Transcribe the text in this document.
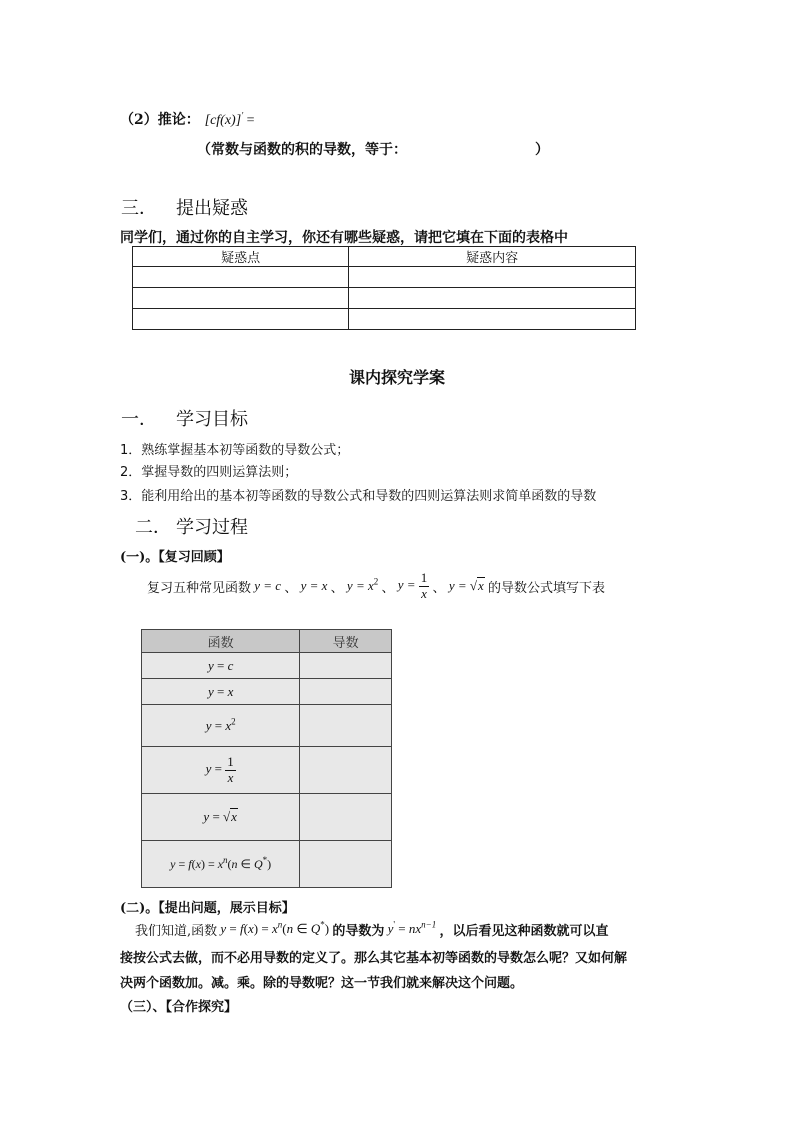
（2）推论： [cf(x)]' =
（常数与函数的积的导数，等于：	）
三． 提出疑惑
同学们，通过你的自主学习，你还有哪些疑惑，请把它填在下面的表格中
疑惑点	疑惑内容

课内探究学案
一． 学习目标
1．熟练掌握基本初等函数的导数公式；
2．掌握导数的四则运算法则；
3．能利用给出的基本初等函数的导数公式和导数的四则运算法则求简单函数的导数
二． 学习过程
(一)。【复习回顾】
复习五种常见函数 y = c 、 y = x 、 $y = x^2$ 、 $y = \frac{1}{x}$
、 y = √x 的导数公式填写下表
函数	导数
y = c	
y = x	
$y = x^2$	
$y = \frac{1}{x}$

y = √x	
$y = f(x) = x^n(n$ ∈ Q*)	
(二)。【提出问题，展示目标】
我们知道,函数 $y = f(x) = x^n(n$ ∈ Q*) 的导数为 $y' = nx^{n-1}$ ，以后看见这种函数就可以直
接按公式去做，而不必用导数的定义了。那么其它基本初等函数的导数怎么呢？又如何解
决两个函数加。减。乘。除的导数呢？这一节我们就来解决这个问题。
（三）、【合作探究】
